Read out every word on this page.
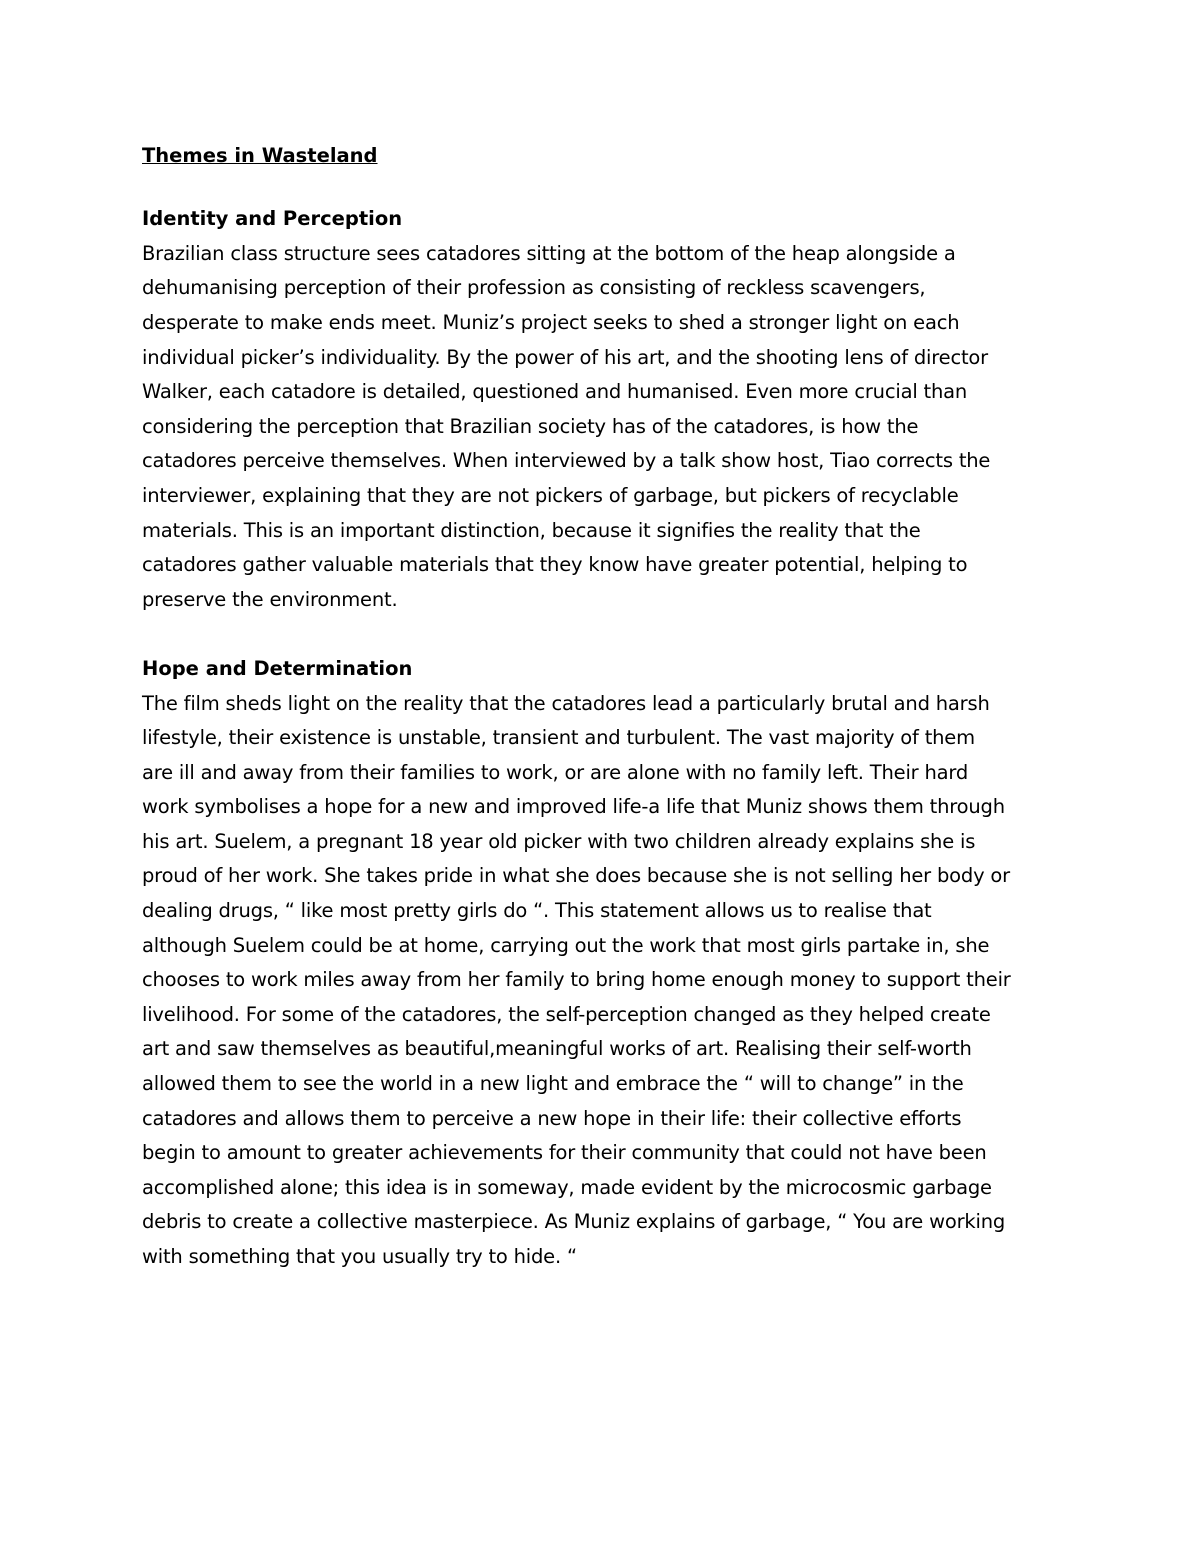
Themes in Wasteland
Identity and Perception

Brazilian class structure sees catadores sitting at the bottom of the heap alongside a
dehumanising perception of their profession as consisting of reckless scavengers,
desperate to make ends meet. Muniz’s project seeks to shed a stronger light on each
individual picker’s individuality. By the power of his art, and the shooting lens of director
Walker, each catadore is detailed, questioned and humanised. Even more crucial than
considering the perception that Brazilian society has of the catadores, is how the
catadores perceive themselves. When interviewed by a talk show host, Tiao corrects the
interviewer, explaining that they are not pickers of garbage, but pickers of recyclable
materials. This is an important distinction, because it signifies the reality that the
catadores gather valuable materials that they know have greater potential, helping to
preserve the environment.

Hope and Determination

The film sheds light on the reality that the catadores lead a particularly brutal and harsh
lifestyle, their existence is unstable, transient and turbulent. The vast majority of them
are ill and away from their families to work, or are alone with no family left. Their hard
work symbolises a hope for a new and improved life-a life that Muniz shows them through
his art. Suelem, a pregnant 18 year old picker with two children already explains she is
proud of her work. She takes pride in what she does because she is not selling her body or
dealing drugs, “ like most pretty girls do “. This statement allows us to realise that
although Suelem could be at home, carrying out the work that most girls partake in, she
chooses to work miles away from her family to bring home enough money to support their
livelihood. For some of the catadores, the self-perception changed as they helped create
art and saw themselves as beautiful,meaningful works of art. Realising their self-worth
allowed them to see the world in a new light and embrace the “ will to change” in the
catadores and allows them to perceive a new hope in their life: their collective efforts
begin to amount to greater achievements for their community that could not have been
accomplished alone; this idea is in someway, made evident by the microcosmic garbage
debris to create a collective masterpiece. As Muniz explains of garbage, “ You are working
with something that you usually try to hide. “
